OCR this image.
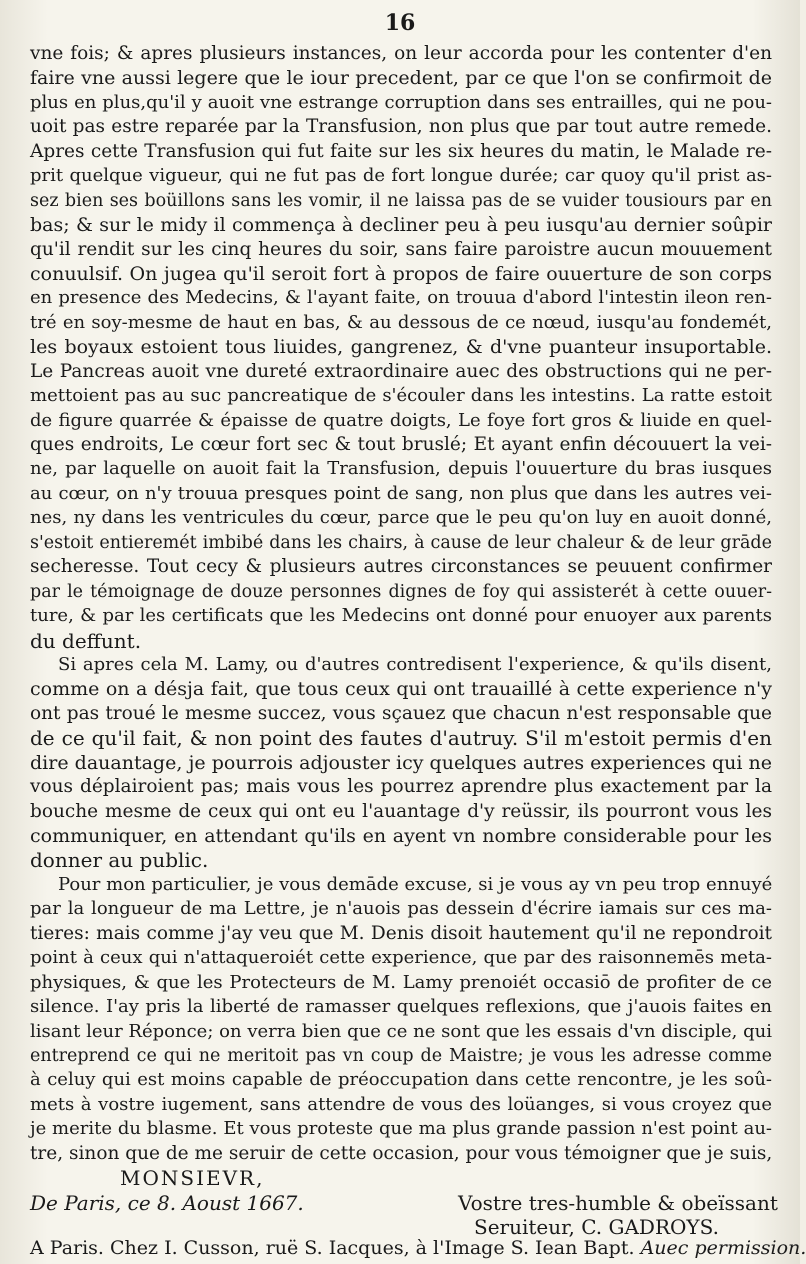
16
vne fois; & apres plusieurs instances, on leur accorda pour les contenter d'en
faire vne aussi legere que le iour precedent, par ce que l'on se confirmoit de
plus en plus,qu'il y auoit vne estrange corruption dans ses entrailles, qui ne pou-
uoit pas estre reparée par la Transfusion, non plus que par tout autre remede.
Apres cette Transfusion qui fut faite sur les six heures du matin, le Malade re-
prit quelque vigueur, qui ne fut pas de fort longue durée; car quoy qu'il prist as-
sez bien ses boüillons sans les vomir, il ne laissa pas de se vuider tousiours par en
bas; & sur le midy il commença à decliner peu à peu iusqu'au dernier soûpir
qu'il rendit sur les cinq heures du soir, sans faire paroistre aucun mouuement
conuulsif. On jugea qu'il seroit fort à propos de faire ouuerture de son corps
en presence des Medecins, & l'ayant faite, on trouua d'abord l'intestin ileon ren-
tré en soy-mesme de haut en bas, & au dessous de ce nœud, iusqu'au fondemét,
les boyaux estoient tous liuides, gangrenez, & d'vne puanteur insuportable.
Le Pancreas auoit vne dureté extraordinaire auec des obstructions qui ne per-
mettoient pas au suc pancreatique de s'écouler dans les intestins. La ratte estoit
de figure quarrée & épaisse de quatre doigts, Le foye fort gros & liuide en quel-
ques endroits, Le cœur fort sec & tout bruslé; Et ayant enfin découuert la vei-
ne, par laquelle on auoit fait la Transfusion, depuis l'ouuerture du bras iusques
au cœur, on n'y trouua presques point de sang, non plus que dans les autres vei-
nes, ny dans les ventricules du cœur, parce que le peu qu'on luy en auoit donné,
s'estoit entieremét imbibé dans les chairs, à cause de leur chaleur & de leur grāde
secheresse. Tout cecy & plusieurs autres circonstances se peuuent confirmer
par le témoignage de douze personnes dignes de foy qui assisterét à cette ouuer-
ture, & par les certificats que les Medecins ont donné pour enuoyer aux parents
du deffunt.
Si apres cela M. Lamy, ou d'autres contredisent l'experience, & qu'ils disent,
comme on a désja fait, que tous ceux qui ont trauaillé à cette experience n'y
ont pas troué le mesme succez, vous sçauez que chacun n'est responsable que
de ce qu'il fait, & non point des fautes d'autruy. S'il m'estoit permis d'en
dire dauantage, je pourrois adjouster icy quelques autres experiences qui ne
vous déplairoient pas; mais vous les pourrez aprendre plus exactement par la
bouche mesme de ceux qui ont eu l'auantage d'y reüssir, ils pourront vous les
communiquer, en attendant qu'ils en ayent vn nombre considerable pour les
donner au public.
Pour mon particulier, je vous demāde excuse, si je vous ay vn peu trop ennuyé
par la longueur de ma Lettre, je n'auois pas dessein d'écrire iamais sur ces ma-
tieres: mais comme j'ay veu que M. Denis disoit hautement qu'il ne repondroit
point à ceux qui n'attaqueroiét cette experience, que par des raisonnemēs meta-
physiques, & que les Protecteurs de M. Lamy prenoiét occasiō de profiter de ce
silence. I'ay pris la liberté de ramasser quelques reflexions, que j'auois faites en
lisant leur Réponce; on verra bien que ce ne sont que les essais d'vn disciple, qui
entreprend ce qui ne meritoit pas vn coup de Maistre; je vous les adresse comme
à celuy qui est moins capable de préoccupation dans cette rencontre, je les soû-
mets à vostre iugement, sans attendre de vous des loüanges, si vous croyez que
je merite du blasme. Et vous proteste que ma plus grande passion n'est point au-
tre, sinon que de me seruir de cette occasion, pour vous témoigner que je suis,
MONSIEVR,
De Paris, ce 8. Aoust 1667.	Vostre tres-humble & obeïssant
Seruiteur, C. GADROYS.
A Paris. Chez I. Cusson, ruë S. Iacques, à l'Image S. Iean Bapt. Auec permission.
